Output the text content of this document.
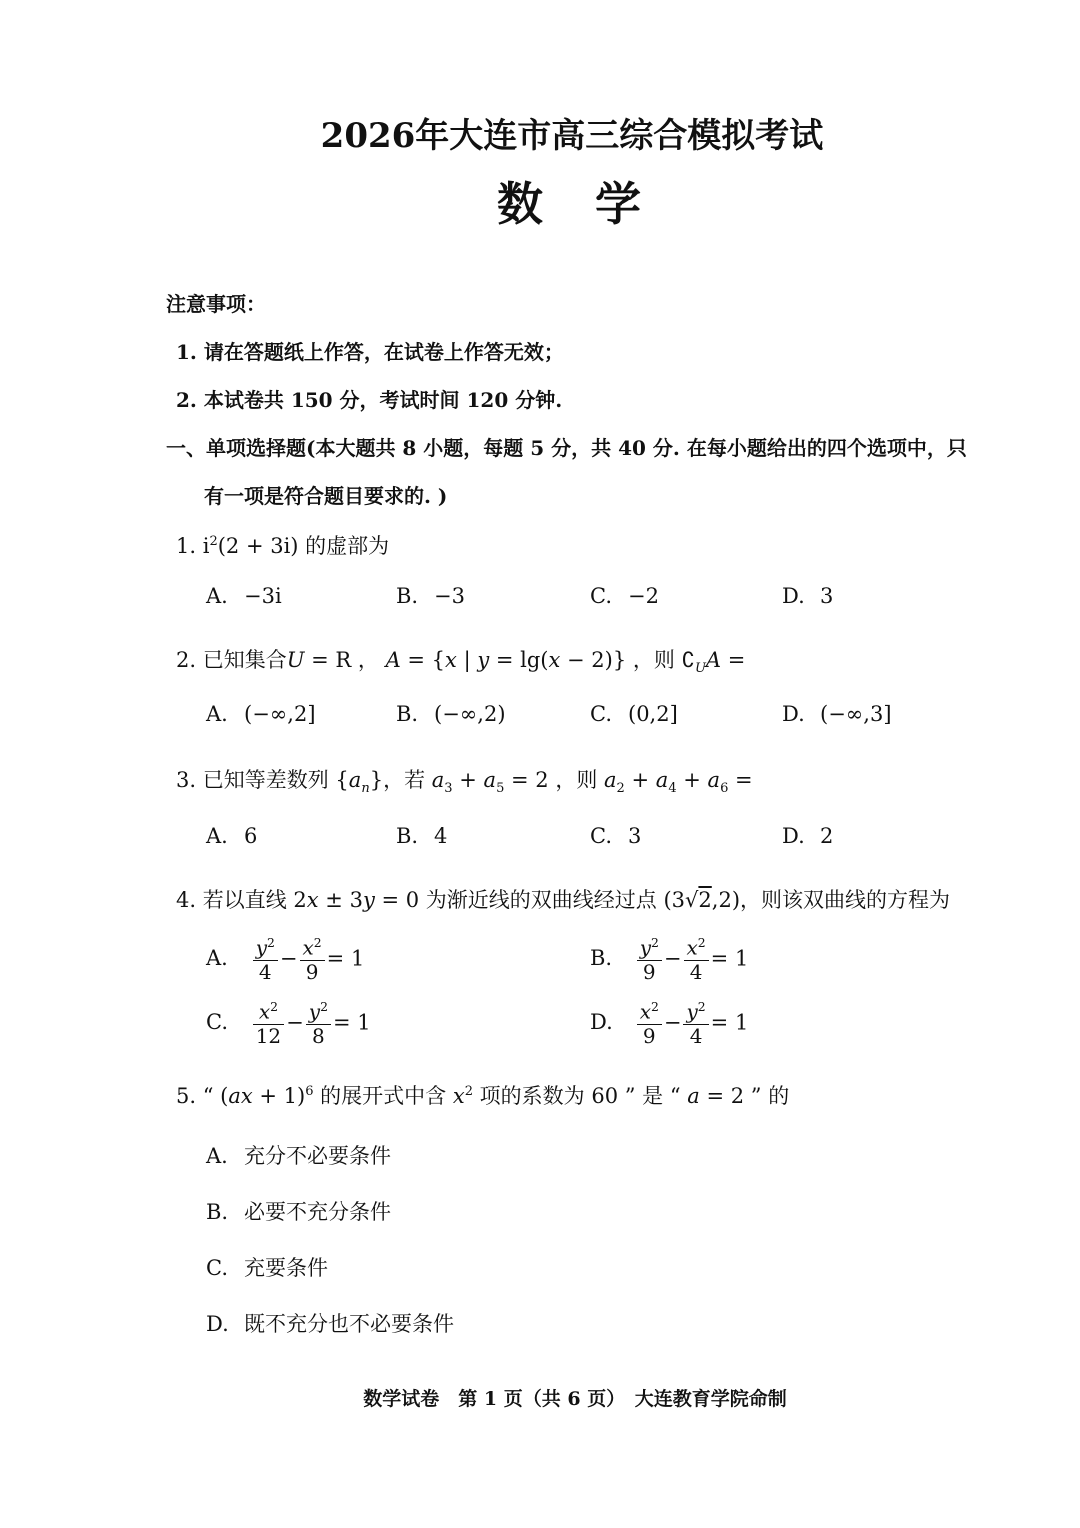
2026年大连市高三综合模拟考试
数学
注意事项：
1. 请在答题纸上作答，在试卷上作答无效；
2. 本试卷共 150 分，考试时间 120 分钟.
一、单项选择题(本大题共 8 小题，每题 5 分，共 40 分. 在每小题给出的四个选项中，只
有一项是符合题目要求的. )
1. $i^2(2 + 3i)$ 的虚部为
A. −3i	B. −3	C. −2	D. 3
2. 已知集合U = R ， A = {x | y = lg(x − 2)} ，则 $∁_UA$ =
A. (−∞,2]	B. (−∞,2)	C. (0,2]	D. (−∞,3]
3. 已知等差数列 $\{a_n\}$，若 $a_3 + a_5 = 2$ ，则 $a_2 + a_4 + a_6$ =
A. 6	B. 4	C. 3	D. 2
4. 若以直线 2x ± 3y = 0 为渐近线的双曲线经过点 (3√2,2)，则该双曲线的方程为
A. $\frac{y^2}{4} - \frac{x^2}{9} = 1$	B. $\frac{y^2}{9} - \frac{x^2}{4} = 1$
C. $\frac{x^2}{12} - \frac{y^2}{8} = 1$	D. $\frac{x^2}{9} - \frac{y^2}{4} = 1$
5. “ (ax + 1)$^6$ 的展开式中含 $x^2$ 项的系数为 60 ” 是 “ a = 2 ” 的
A. 充分不必要条件
B. 必要不充分条件
C. 充要条件
D. 既不充分也不必要条件
数学试卷　第 1 页（共 6 页）　大连教育学院命制
